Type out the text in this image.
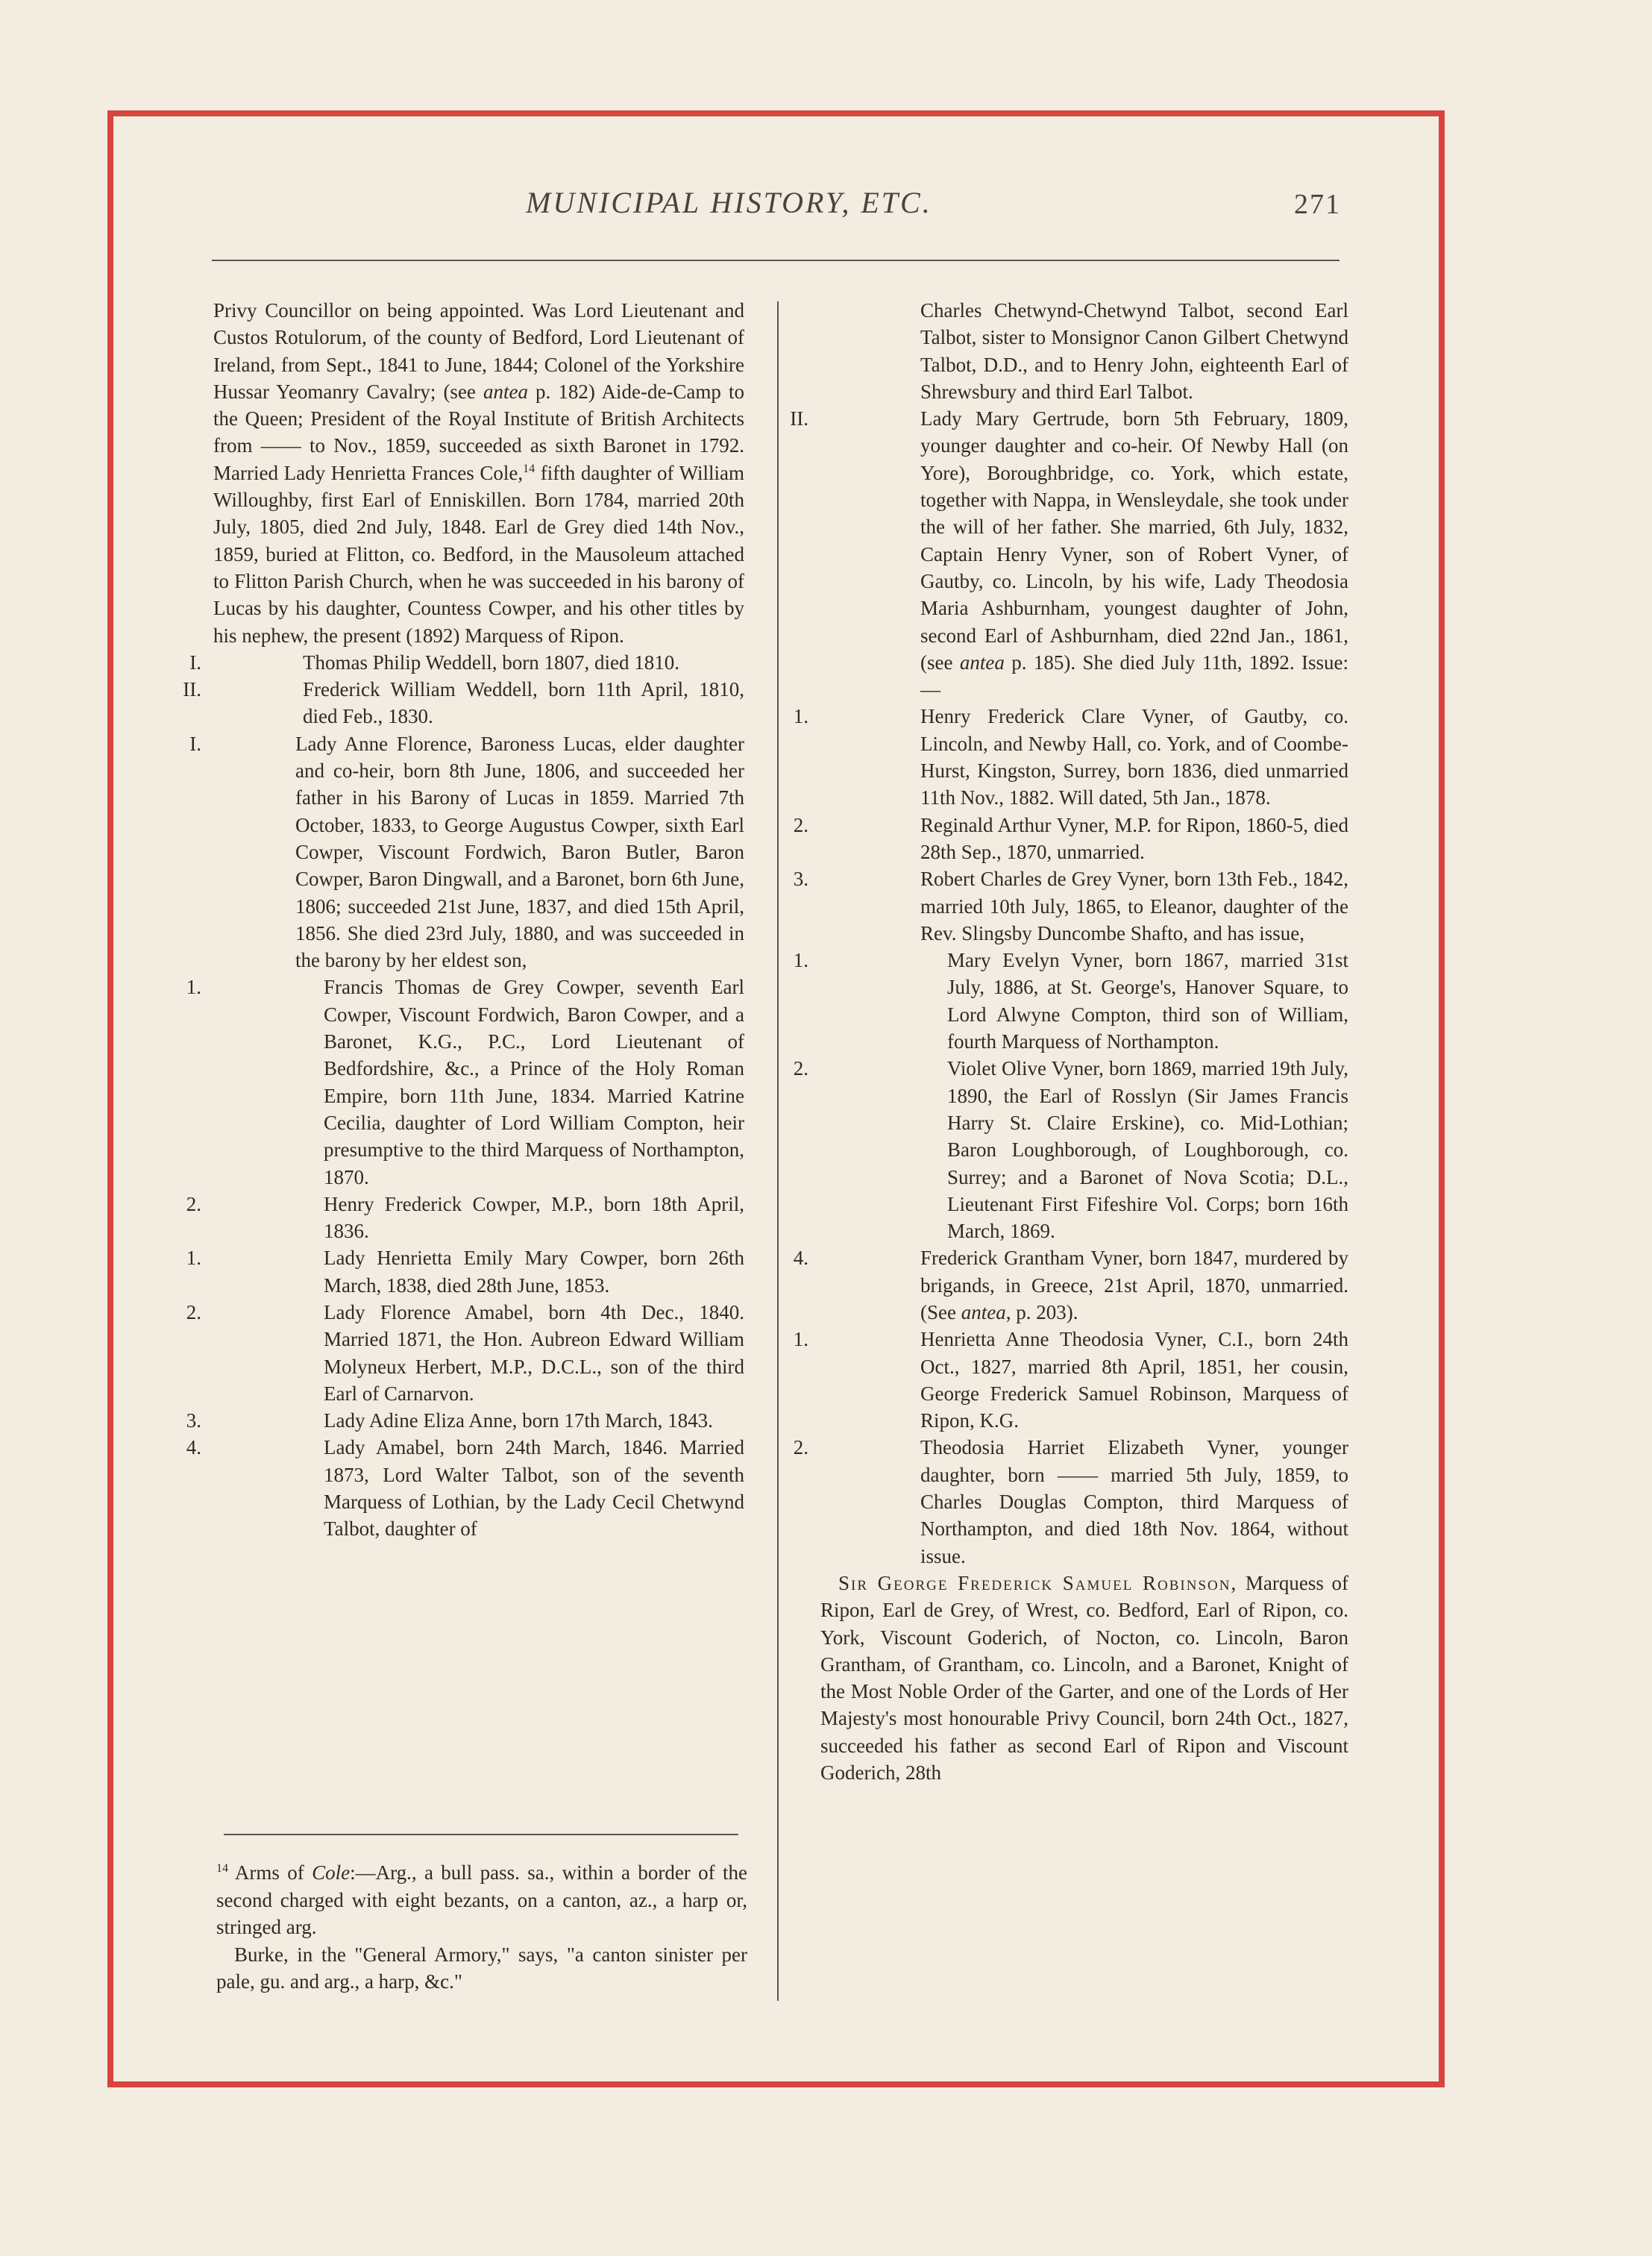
MUNICIPAL HISTORY, ETC.	271

Privy Councillor on being appointed. Was Lord Lieutenant and Custos Rotulorum, of the county of Bedford, Lord Lieutenant of Ireland, from Sept., 1841 to June, 1844; Colonel of the Yorkshire Hussar Yeomanry Cavalry; (see antea p. 182) Aide-de-Camp to the Queen; President of the Royal Institute of British Architects from —— to Nov., 1859, succeeded as sixth Baronet in 1792. Married Lady Henrietta Frances Cole,$^{14}$ fifth daughter of William Willoughby, first Earl of Enniskillen. Born 1784, married 20th July, 1805, died 2nd July, 1848. Earl de Grey died 14th Nov., 1859, buried at Flitton, co. Bedford, in the Mausoleum attached to Flitton Parish Church, when he was succeeded in his barony of Lucas by his daughter, Countess Cowper, and his other titles by his nephew, the present (1892) Marquess of Ripon.

I.	Thomas Philip Weddell, born 1807, died 1810.
II.	Frederick William Weddell, born 11th April, 1810, died Feb., 1830.
I.	Lady Anne Florence, Baroness Lucas, elder daughter and co-heir, born 8th June, 1806, and succeeded her father in his Barony of Lucas in 1859. Married 7th October, 1833, to George Augustus Cowper, sixth Earl Cowper, Viscount Fordwich, Baron Butler, Baron Cowper, Baron Dingwall, and a Baronet, born 6th June, 1806; succeeded 21st June, 1837, and died 15th April, 1856. She died 23rd July, 1880, and was succeeded in the barony by her eldest son,
1.	Francis Thomas de Grey Cowper, seventh Earl Cowper, Viscount Fordwich, Baron Cowper, and a Baronet, K.G., P.C., Lord Lieutenant of Bedfordshire, &c., a Prince of the Holy Roman Empire, born 11th June, 1834. Married Katrine Cecilia, daughter of Lord William Compton, heir presumptive to the third Marquess of Northampton, 1870.
2.	Henry Frederick Cowper, M.P., born 18th April, 1836.
1.	Lady Henrietta Emily Mary Cowper, born 26th March, 1838, died 28th June, 1853.
2.	Lady Florence Amabel, born 4th Dec., 1840. Married 1871, the Hon. Aubreon Edward William Molyneux Herbert, M.P., D.C.L., son of the third Earl of Carnarvon.
3.	Lady Adine Eliza Anne, born 17th March, 1843.
4.	Lady Amabel, born 24th March, 1846. Married 1873, Lord Walter Talbot, son of the seventh Marquess of Lothian, by the Lady Cecil Chetwynd Talbot, daughter of

$^{14}$ Arms of Cole:—Arg., a bull pass. sa., within a border of the second charged with eight bezants, on a canton, az., a harp or, stringed arg.

Burke, in the "General Armory," says, "a canton sinister per pale, gu. and arg., a harp, &c."

Charles Chetwynd-Chetwynd Talbot, second Earl Talbot, sister to Monsignor Canon Gilbert Chetwynd Talbot, D.D., and to Henry John, eighteenth Earl of Shrewsbury and third Earl Talbot.

II.	Lady Mary Gertrude, born 5th February, 1809, younger daughter and co-heir. Of Newby Hall (on Yore), Boroughbridge, co. York, which estate, together with Nappa, in Wensleydale, she took under the will of her father. She married, 6th July, 1832, Captain Henry Vyner, son of Robert Vyner, of Gautby, co. Lincoln, by his wife, Lady Theodosia Maria Ashburnham, youngest daughter of John, second Earl of Ashburnham, died 22nd Jan., 1861, (see antea p. 185). She died July 11th, 1892. Issue:—
1.	Henry Frederick Clare Vyner, of Gautby, co. Lincoln, and Newby Hall, co. York, and of Coombe-Hurst, Kingston, Surrey, born 1836, died unmarried 11th Nov., 1882. Will dated, 5th Jan., 1878.
2.	Reginald Arthur Vyner, M.P. for Ripon, 1860-5, died 28th Sep., 1870, unmarried.
3.	Robert Charles de Grey Vyner, born 13th Feb., 1842, married 10th July, 1865, to Eleanor, daughter of the Rev. Slingsby Duncombe Shafto, and has issue,
1.	Mary Evelyn Vyner, born 1867, married 31st July, 1886, at St. George's, Hanover Square, to Lord Alwyne Compton, third son of William, fourth Marquess of Northampton.
2.	Violet Olive Vyner, born 1869, married 19th July, 1890, the Earl of Rosslyn (Sir James Francis Harry St. Claire Erskine), co. Mid-Lothian; Baron Loughborough, of Loughborough, co. Surrey; and a Baronet of Nova Scotia; D.L., Lieutenant First Fifeshire Vol. Corps; born 16th March, 1869.
4.	Frederick Grantham Vyner, born 1847, murdered by brigands, in Greece, 21st April, 1870, unmarried. (See antea, p. 203).
1.	Henrietta Anne Theodosia Vyner, C.I., born 24th Oct., 1827, married 8th April, 1851, her cousin, George Frederick Samuel Robinson, Marquess of Ripon, K.G.
2.	Theodosia Harriet Elizabeth Vyner, younger daughter, born —— married 5th July, 1859, to Charles Douglas Compton, third Marquess of Northampton, and died 18th Nov. 1864, without issue.

Sir George Frederick Samuel Robinson, Marquess of Ripon, Earl de Grey, of Wrest, co. Bedford, Earl of Ripon, co. York, Viscount Goderich, of Nocton, co. Lincoln, Baron Grantham, of Grantham, co. Lincoln, and a Baronet, Knight of the Most Noble Order of the Garter, and one of the Lords of Her Majesty's most honourable Privy Council, born 24th Oct., 1827, succeeded his father as second Earl of Ripon and Viscount Goderich, 28th
